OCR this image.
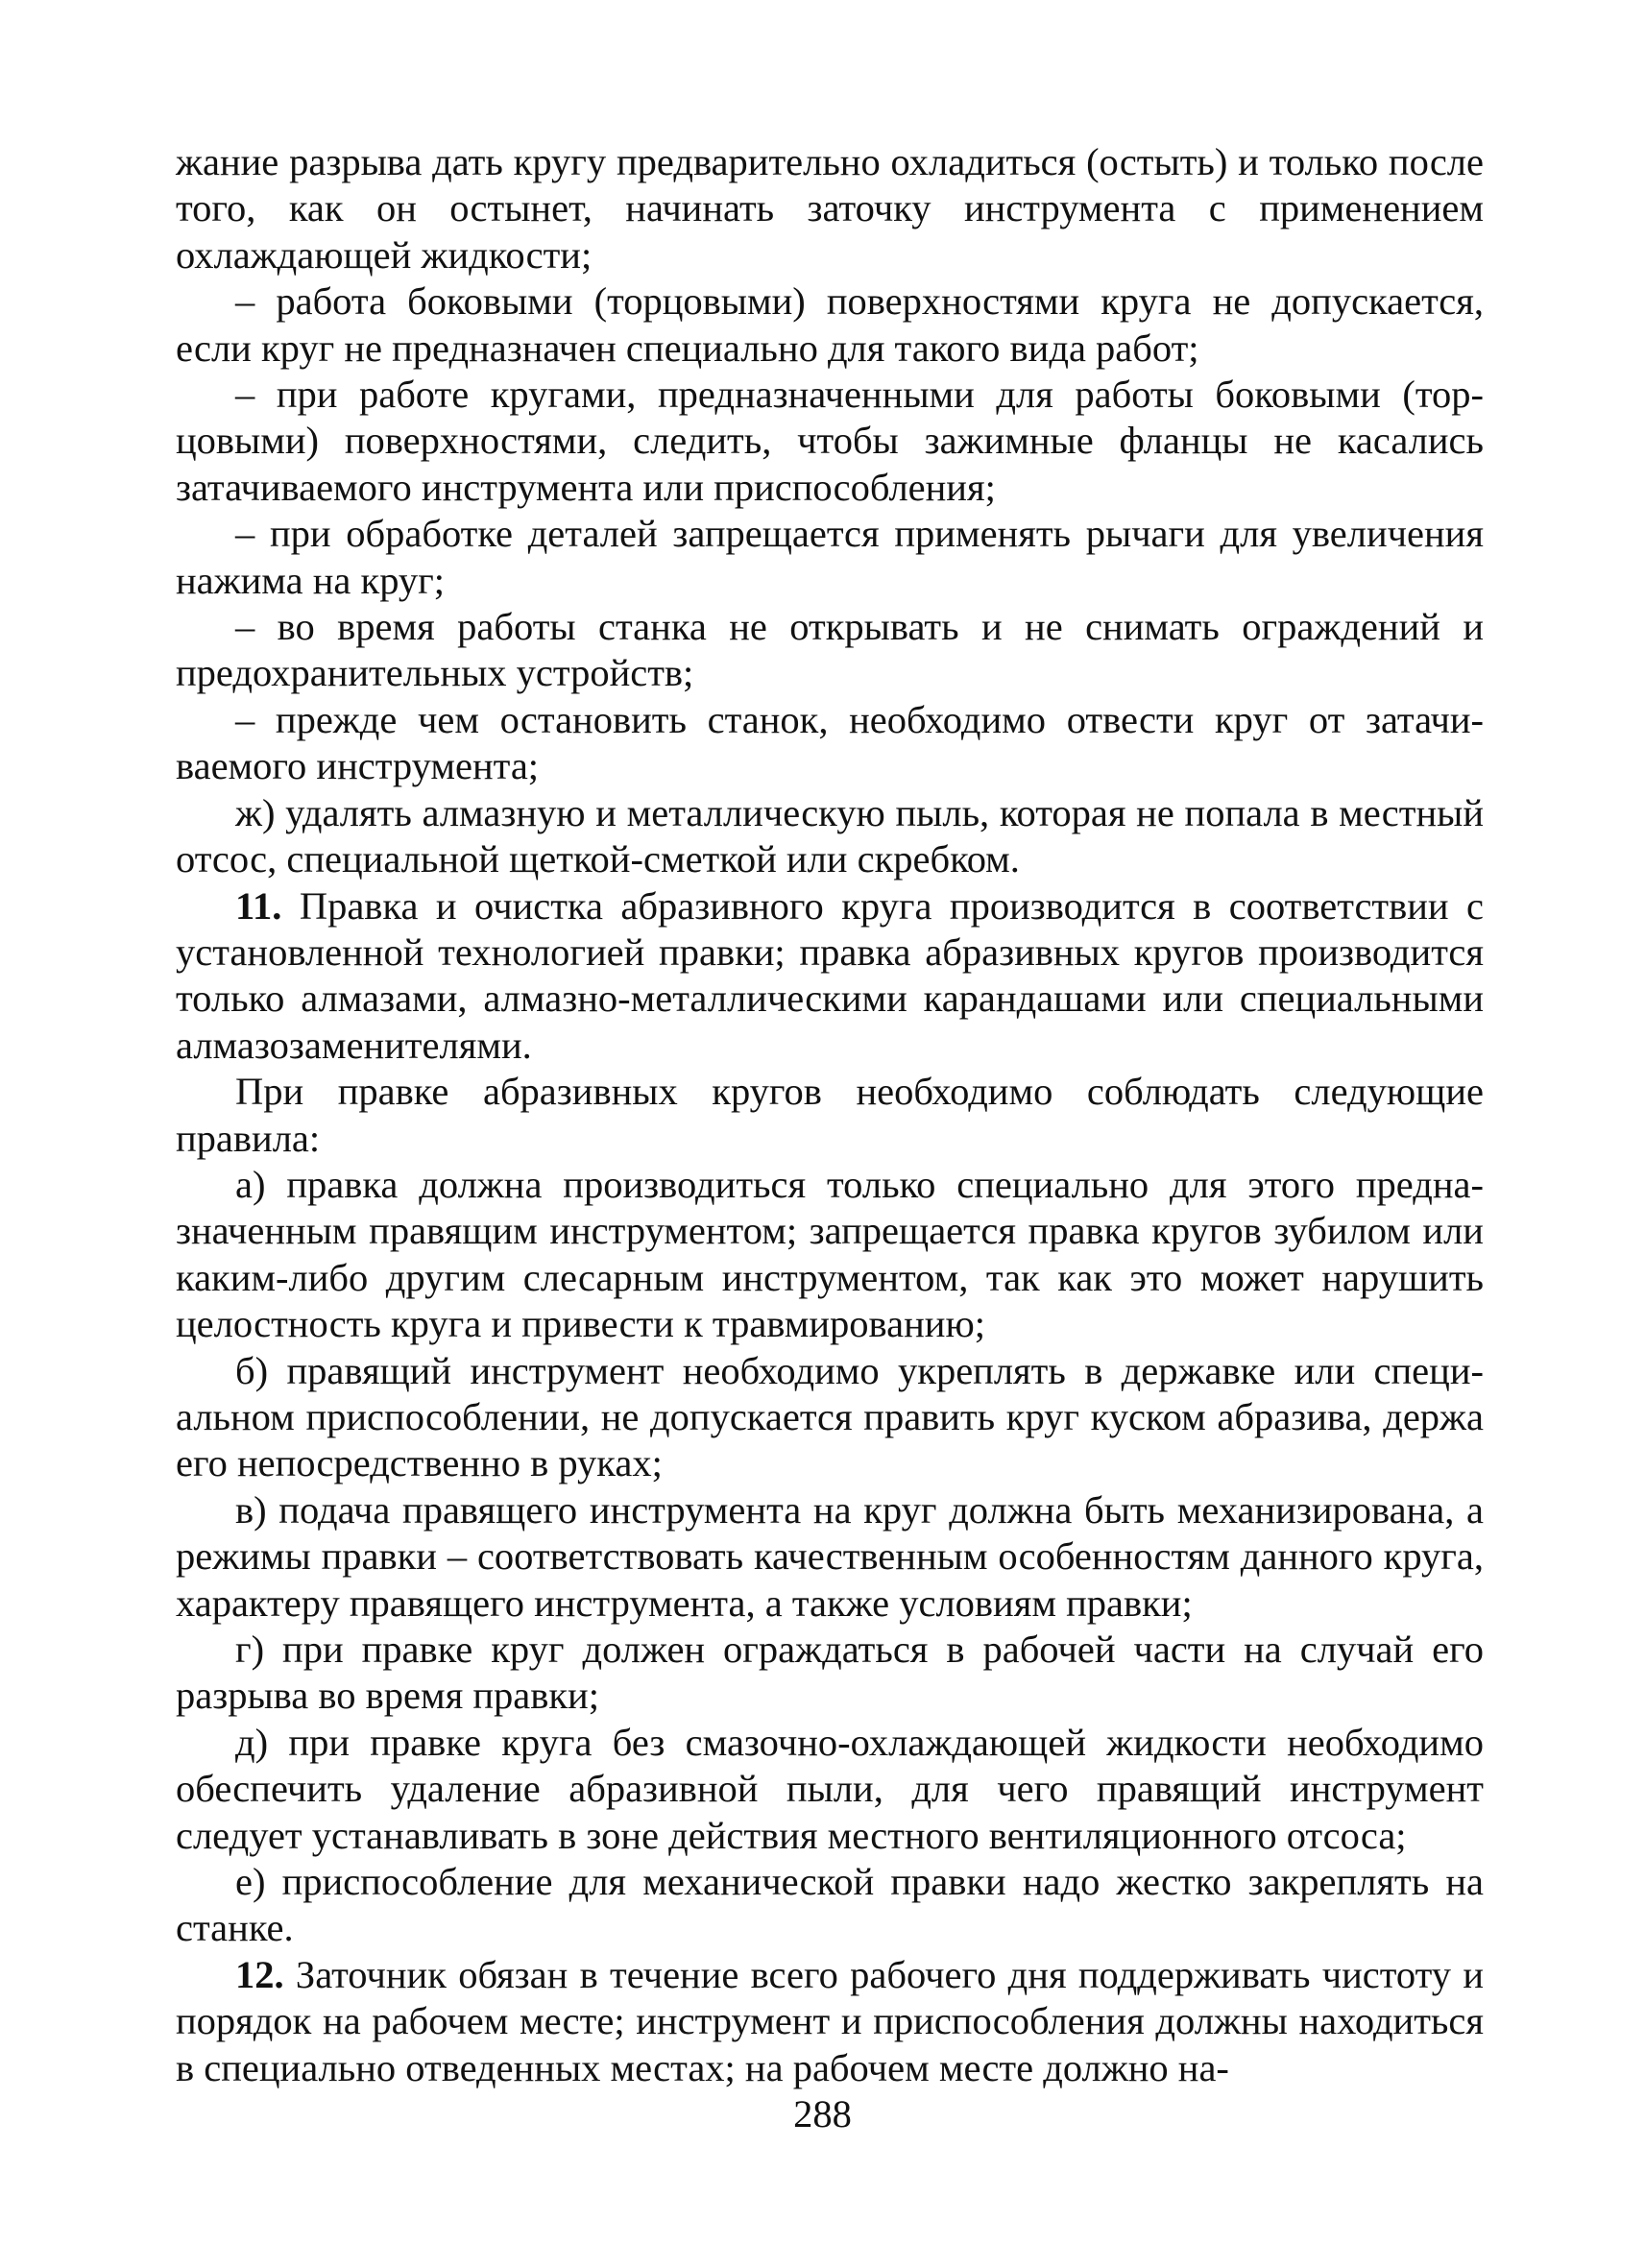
жание разрыва дать кругу предварительно охладиться (остыть) и только после того, как он остынет, начинать заточку инструмента с применением охлаждающей жидкости;

– работа боковыми (торцовыми) поверхностями круга не допускается, если круг не предназначен специально для такого вида работ;

– при работе кругами, предназначенными для работы боковыми (торцовыми) поверхностями, следить, чтобы зажимные фланцы не касались затачиваемого инструмента или приспособления;

– при обработке деталей запрещается применять рычаги для увеличения нажима на круг;

– во время работы станка не открывать и не снимать ограждений и предохранительных устройств;

– прежде чем остановить станок, необходимо отвести круг от затачиваемого инструмента;

ж) удалять алмазную и металлическую пыль, которая не попала в местный отсос, специальной щеткой-сметкой или скребком.

11. Правка и очистка абразивного круга производится в соответствии с установленной технологией правки; правка абразивных кругов производится только алмазами, алмазно-металлическими карандашами или специальными алмазозаменителями.

При правке абразивных кругов необходимо соблюдать следующие правила:

а) правка должна производиться только специально для этого предназначенным правящим инструментом; запрещается правка кругов зубилом или каким-либо другим слесарным инструментом, так как это может нарушить целостность круга и привести к травмированию;

б) правящий инструмент необходимо укреплять в державке или специальном приспособлении, не допускается править круг куском абразива, держа его непосредственно в руках;

в) подача правящего инструмента на круг должна быть механизирована, а режимы правки – соответствовать качественным особенностям данного круга, характеру правящего инструмента, а также условиям правки;

г) при правке круг должен ограждаться в рабочей части на случай его разрыва во время правки;

д) при правке круга без смазочно-охлаждающей жидкости необходимо обеспечить удаление абразивной пыли, для чего правящий инструмент следует устанавливать в зоне действия местного вентиляционного отсоса;

е) приспособление для механической правки надо жестко закреплять на станке.

12. Заточник обязан в течение всего рабочего дня поддерживать чистоту и порядок на рабочем месте; инструмент и приспособления должны находиться в специально отведенных местах; на рабочем месте должно на-

288
